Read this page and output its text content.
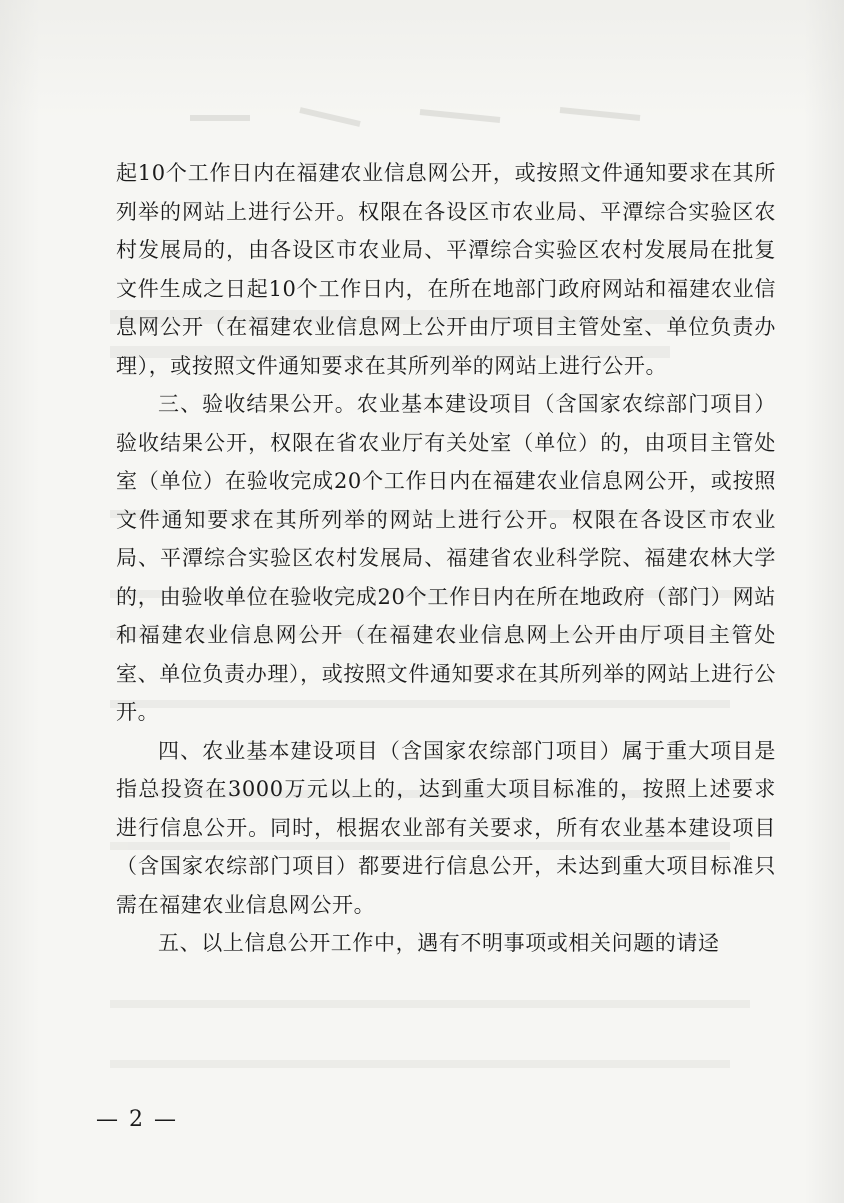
起10个工作日内在福建农业信息网公开，或按照文件通知要求在其所列举的网站上进行公开。权限在各设区市农业局、平潭综合实验区农村发展局的，由各设区市农业局、平潭综合实验区农村发展局在批复文件生成之日起10个工作日内，在所在地部门政府网站和福建农业信息网公开（在福建农业信息网上公开由厅项目主管处室、单位负责办理），或按照文件通知要求在其所列举的网站上进行公开。

三、验收结果公开。农业基本建设项目（含国家农综部门项目）验收结果公开，权限在省农业厅有关处室（单位）的，由项目主管处室（单位）在验收完成20个工作日内在福建农业信息网公开，或按照文件通知要求在其所列举的网站上进行公开。权限在各设区市农业局、平潭综合实验区农村发展局、福建省农业科学院、福建农林大学的，由验收单位在验收完成20个工作日内在所在地政府（部门）网站和福建农业信息网公开（在福建农业信息网上公开由厅项目主管处室、单位负责办理），或按照文件通知要求在其所列举的网站上进行公开。

四、农业基本建设项目（含国家农综部门项目）属于重大项目是指总投资在3000万元以上的，达到重大项目标准的，按照上述要求进行信息公开。同时，根据农业部有关要求，所有农业基本建设项目（含国家农综部门项目）都要进行信息公开，未达到重大项目标准只需在福建农业信息网公开。

五、以上信息公开工作中，遇有不明事项或相关问题的请迳

— 2 —
